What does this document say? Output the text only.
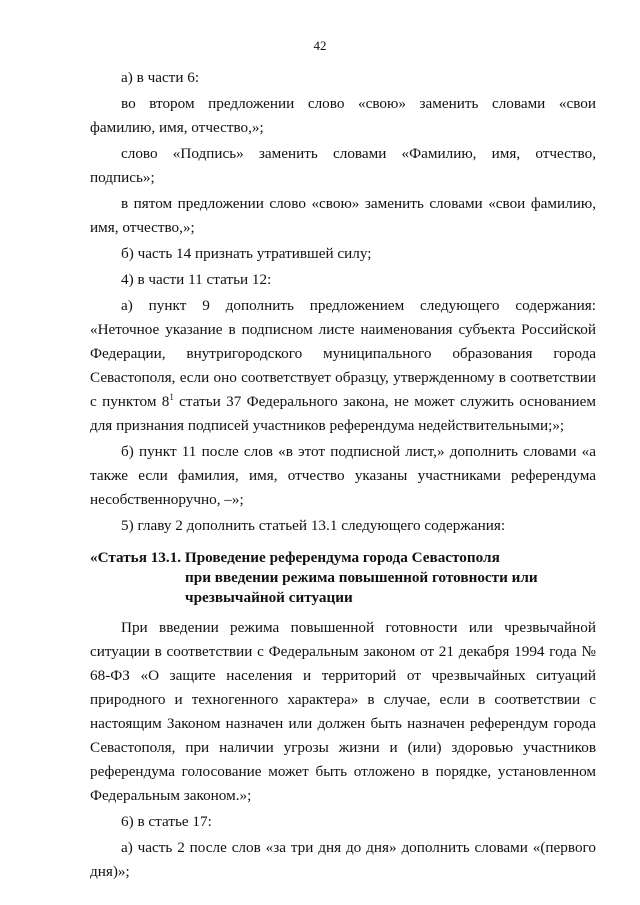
42

а) в части 6:

во втором предложении слово «свою» заменить словами «свои фамилию, имя, отчество,»;

слово «Подпись» заменить словами «Фамилию, имя, отчество, подпись»;

в пятом предложении слово «свою» заменить словами «свои фамилию, имя, отчество,»;

б) часть 14 признать утратившей силу;

4) в части 11 статьи 12:

а) пункт 9 дополнить предложением следующего содержания: «Неточное указание в подписном листе наименования субъекта Российской Федерации, внутригородского муниципального образования города Севастополя, если оно соответствует образцу, утвержденному в соответствии с пунктом $8^1$ статьи 37 Федерального закона, не может служить основанием для признания подписей участников референдума недействительными;»;

б) пункт 11 после слов «в этот подписной лист,» дополнить словами «а также если фамилия, имя, отчество указаны участниками референдума несобственноручно, –»;

5) главу 2 дополнить статьей 13.1 следующего содержания:

«Статья 13.1. Проведение референдума города Севастополя
при введении режима повышенной готовности или
чрезвычайной ситуации

При введении режима повышенной готовности или чрезвычайной ситуации в соответствии с Федеральным законом от 21 декабря 1994 года № 68-ФЗ «О защите населения и территорий от чрезвычайных ситуаций природного и техногенного характера» в случае, если в соответствии с настоящим Законом назначен или должен быть назначен референдум города Севастополя, при наличии угрозы жизни и (или) здоровью участников референдума голосование может быть отложено в порядке, установленном Федеральным законом.»;

6) в статье 17:

а) часть 2 после слов «за три дня до дня» дополнить словами «(первого дня)»;
